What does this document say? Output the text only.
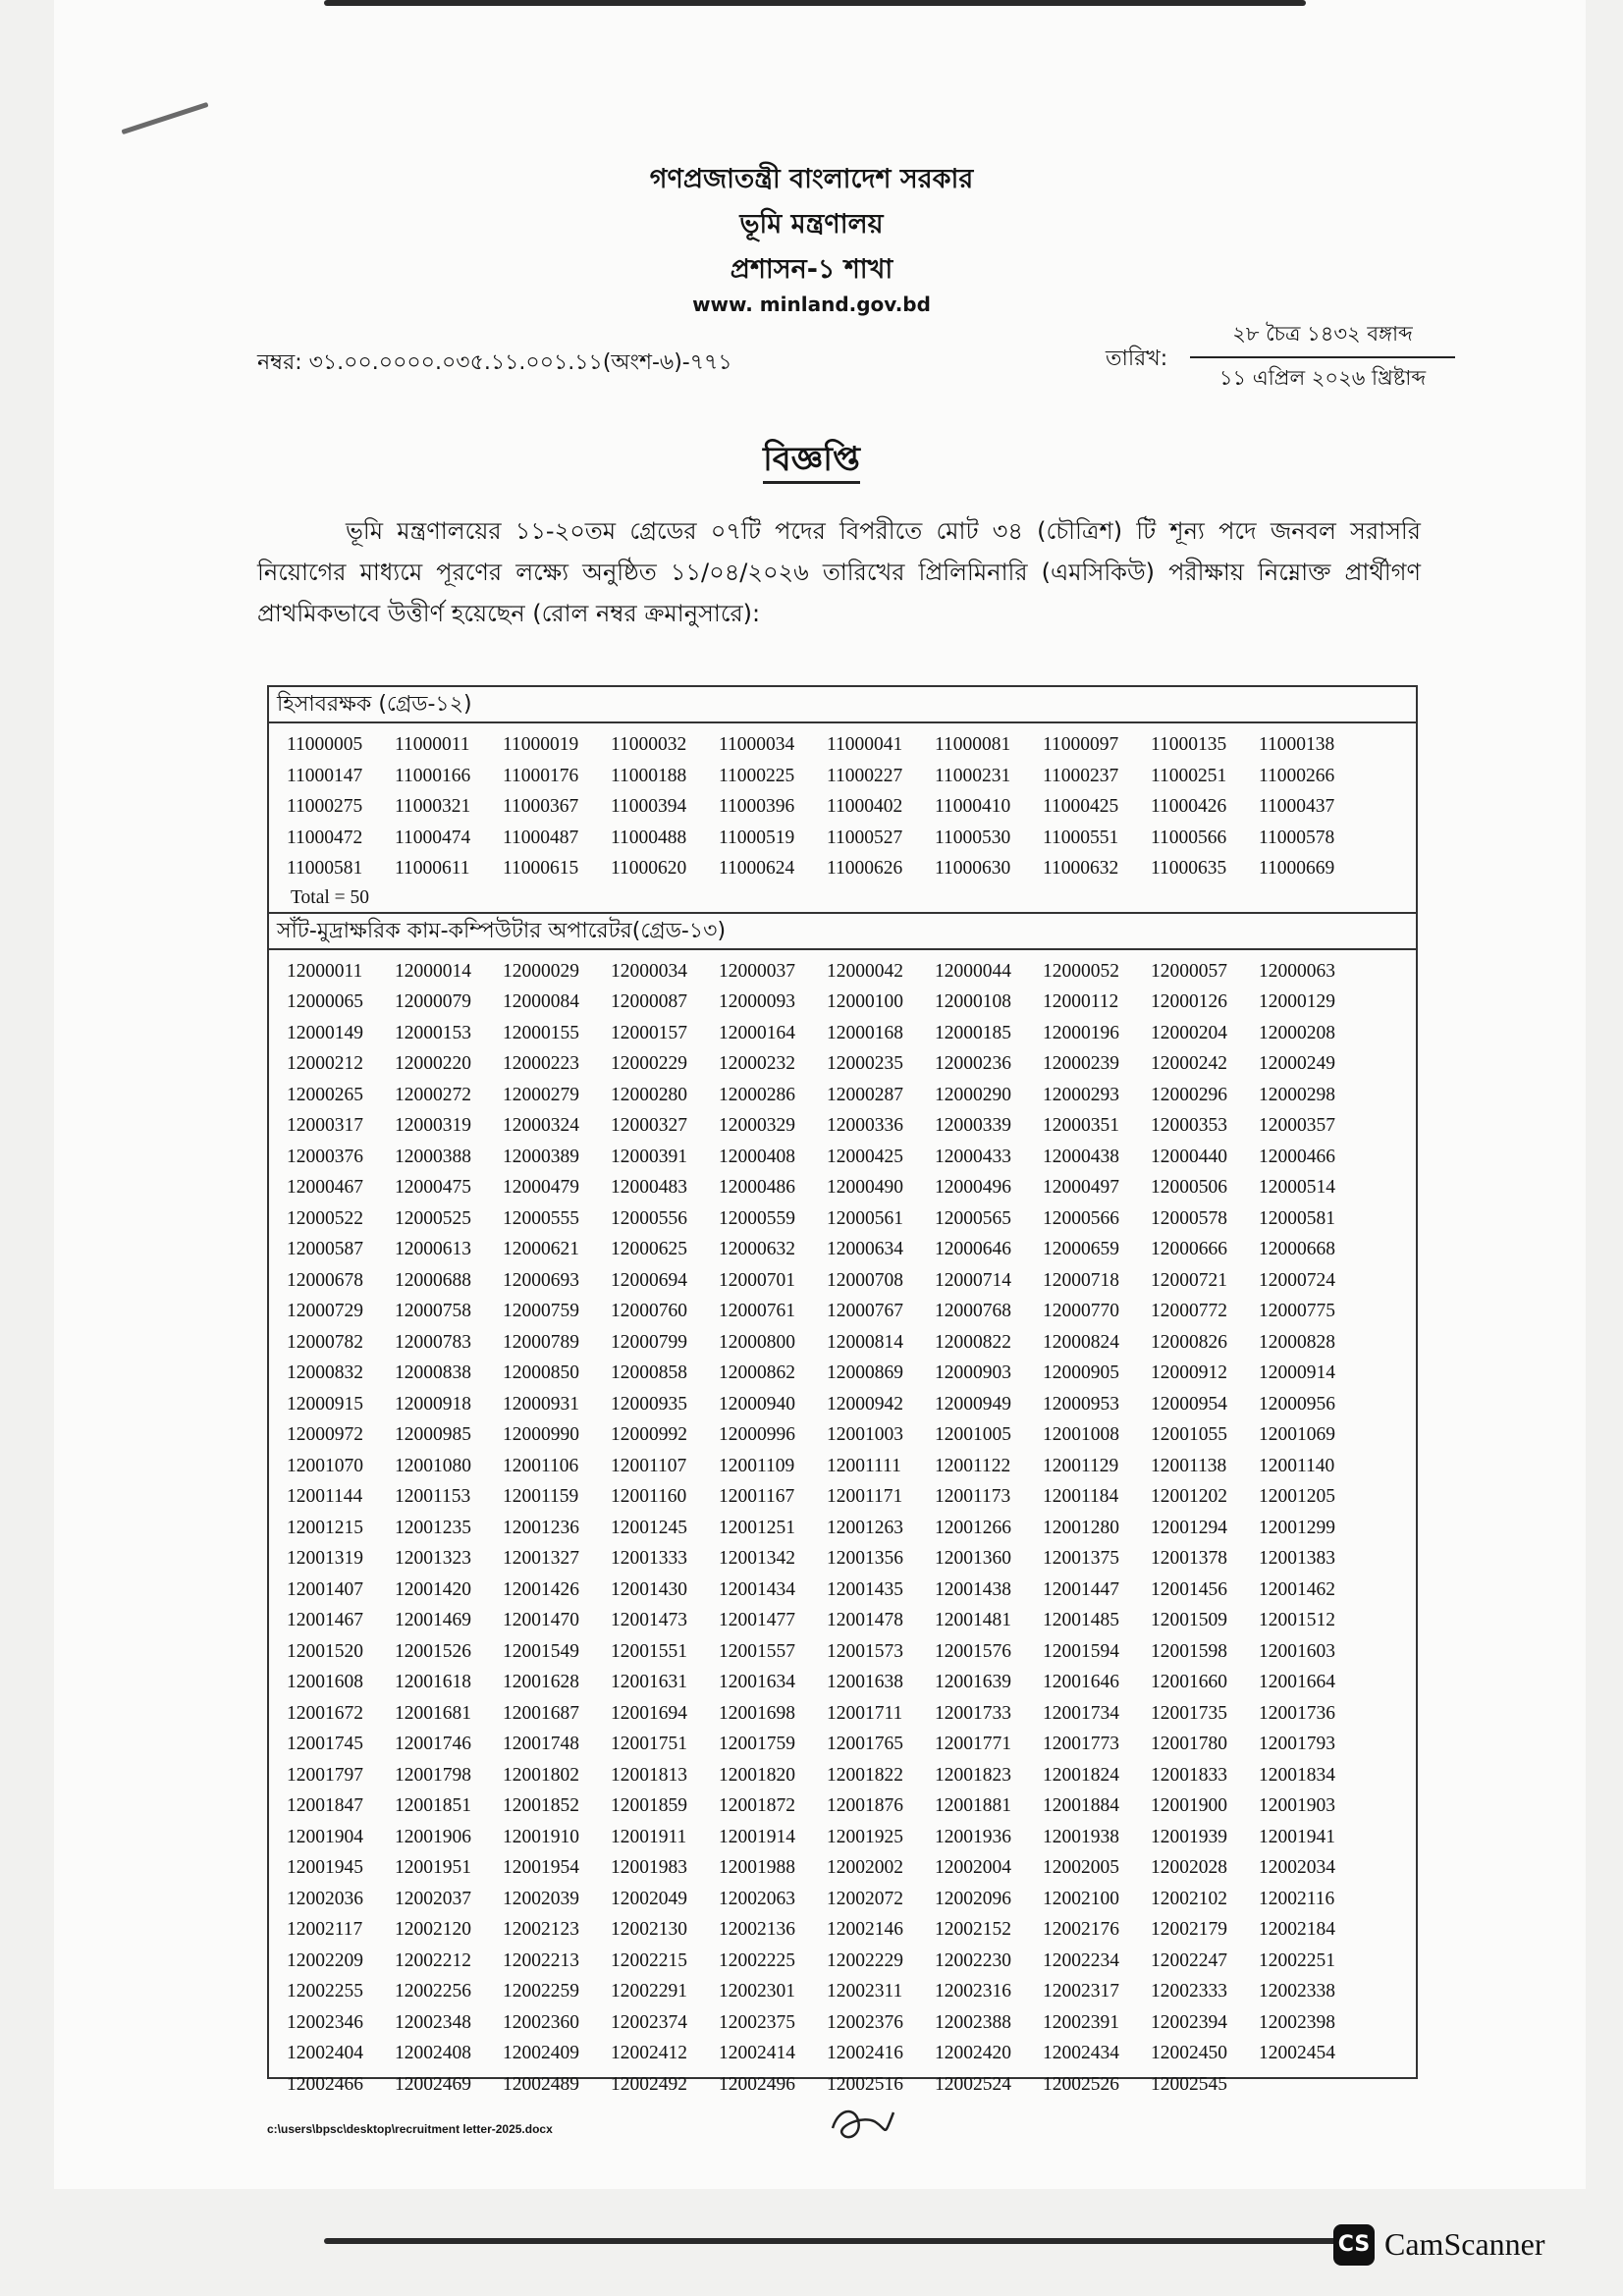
গণপ্রজাতন্ত্রী বাংলাদেশ সরকার
ভূমি মন্ত্রণালয়
প্রশাসন-১ শাখা
www. minland.gov.bd
নম্বর: ৩১.০০.০০০০.০৩৫.১১.০০১.১১(অংশ-৬)-৭৭১	তারিখ:
২৮ চৈত্র ১৪৩২ বঙ্গাব্দ
১১ এপ্রিল ২০২৬ খ্রিষ্টাব্দ
বিজ্ঞপ্তি
ভূমি মন্ত্রণালয়ের ১১-২০তম গ্রেডের ০৭টি পদের বিপরীতে মোট ৩৪ (চৌত্রিশ) টি শূন্য পদে জনবল সরাসরি নিয়োগের মাধ্যমে পূরণের লক্ষ্যে অনুষ্ঠিত ১১/০৪/২০২৬ তারিখের প্রিলিমিনারি (এমসিকিউ) পরীক্ষায় নিম্নোক্ত প্রার্থীগণ প্রাথমিকভাবে উত্তীর্ণ হয়েছেন (রোল নম্বর ক্রমানুসারে):
হিসাবরক্ষক (গ্রেড-১২)
11000005	11000011	11000019	11000032	11000034	11000041	11000081	11000097	11000135	11000138
11000147	11000166	11000176	11000188	11000225	11000227	11000231	11000237	11000251	11000266
11000275	11000321	11000367	11000394	11000396	11000402	11000410	11000425	11000426	11000437
11000472	11000474	11000487	11000488	11000519	11000527	11000530	11000551	11000566	11000578
11000581	11000611	11000615	11000620	11000624	11000626	11000630	11000632	11000635	11000669
Total = 50
সাঁট-মুদ্রাক্ষরিক কাম-কম্পিউটার অপারেটর(গ্রেড-১৩)
12000011	12000014	12000029	12000034	12000037	12000042	12000044	12000052	12000057	12000063
12000065	12000079	12000084	12000087	12000093	12000100	12000108	12000112	12000126	12000129
12000149	12000153	12000155	12000157	12000164	12000168	12000185	12000196	12000204	12000208
12000212	12000220	12000223	12000229	12000232	12000235	12000236	12000239	12000242	12000249
12000265	12000272	12000279	12000280	12000286	12000287	12000290	12000293	12000296	12000298
12000317	12000319	12000324	12000327	12000329	12000336	12000339	12000351	12000353	12000357
12000376	12000388	12000389	12000391	12000408	12000425	12000433	12000438	12000440	12000466
12000467	12000475	12000479	12000483	12000486	12000490	12000496	12000497	12000506	12000514
12000522	12000525	12000555	12000556	12000559	12000561	12000565	12000566	12000578	12000581
12000587	12000613	12000621	12000625	12000632	12000634	12000646	12000659	12000666	12000668
12000678	12000688	12000693	12000694	12000701	12000708	12000714	12000718	12000721	12000724
12000729	12000758	12000759	12000760	12000761	12000767	12000768	12000770	12000772	12000775
12000782	12000783	12000789	12000799	12000800	12000814	12000822	12000824	12000826	12000828
12000832	12000838	12000850	12000858	12000862	12000869	12000903	12000905	12000912	12000914
12000915	12000918	12000931	12000935	12000940	12000942	12000949	12000953	12000954	12000956
12000972	12000985	12000990	12000992	12000996	12001003	12001005	12001008	12001055	12001069
12001070	12001080	12001106	12001107	12001109	12001111	12001122	12001129	12001138	12001140
12001144	12001153	12001159	12001160	12001167	12001171	12001173	12001184	12001202	12001205
12001215	12001235	12001236	12001245	12001251	12001263	12001266	12001280	12001294	12001299
12001319	12001323	12001327	12001333	12001342	12001356	12001360	12001375	12001378	12001383
12001407	12001420	12001426	12001430	12001434	12001435	12001438	12001447	12001456	12001462
12001467	12001469	12001470	12001473	12001477	12001478	12001481	12001485	12001509	12001512
12001520	12001526	12001549	12001551	12001557	12001573	12001576	12001594	12001598	12001603
12001608	12001618	12001628	12001631	12001634	12001638	12001639	12001646	12001660	12001664
12001672	12001681	12001687	12001694	12001698	12001711	12001733	12001734	12001735	12001736
12001745	12001746	12001748	12001751	12001759	12001765	12001771	12001773	12001780	12001793
12001797	12001798	12001802	12001813	12001820	12001822	12001823	12001824	12001833	12001834
12001847	12001851	12001852	12001859	12001872	12001876	12001881	12001884	12001900	12001903
12001904	12001906	12001910	12001911	12001914	12001925	12001936	12001938	12001939	12001941
12001945	12001951	12001954	12001983	12001988	12002002	12002004	12002005	12002028	12002034
12002036	12002037	12002039	12002049	12002063	12002072	12002096	12002100	12002102	12002116
12002117	12002120	12002123	12002130	12002136	12002146	12002152	12002176	12002179	12002184
12002209	12002212	12002213	12002215	12002225	12002229	12002230	12002234	12002247	12002251
12002255	12002256	12002259	12002291	12002301	12002311	12002316	12002317	12002333	12002338
12002346	12002348	12002360	12002374	12002375	12002376	12002388	12002391	12002394	12002398
12002404	12002408	12002409	12002412	12002414	12002416	12002420	12002434	12002450	12002454
12002466	12002469	12002489	12002492	12002496	12002516	12002524	12002526	12002545
c:\users\bpsc\desktop\recruitment letter-2025.docx
CS CamScanner
